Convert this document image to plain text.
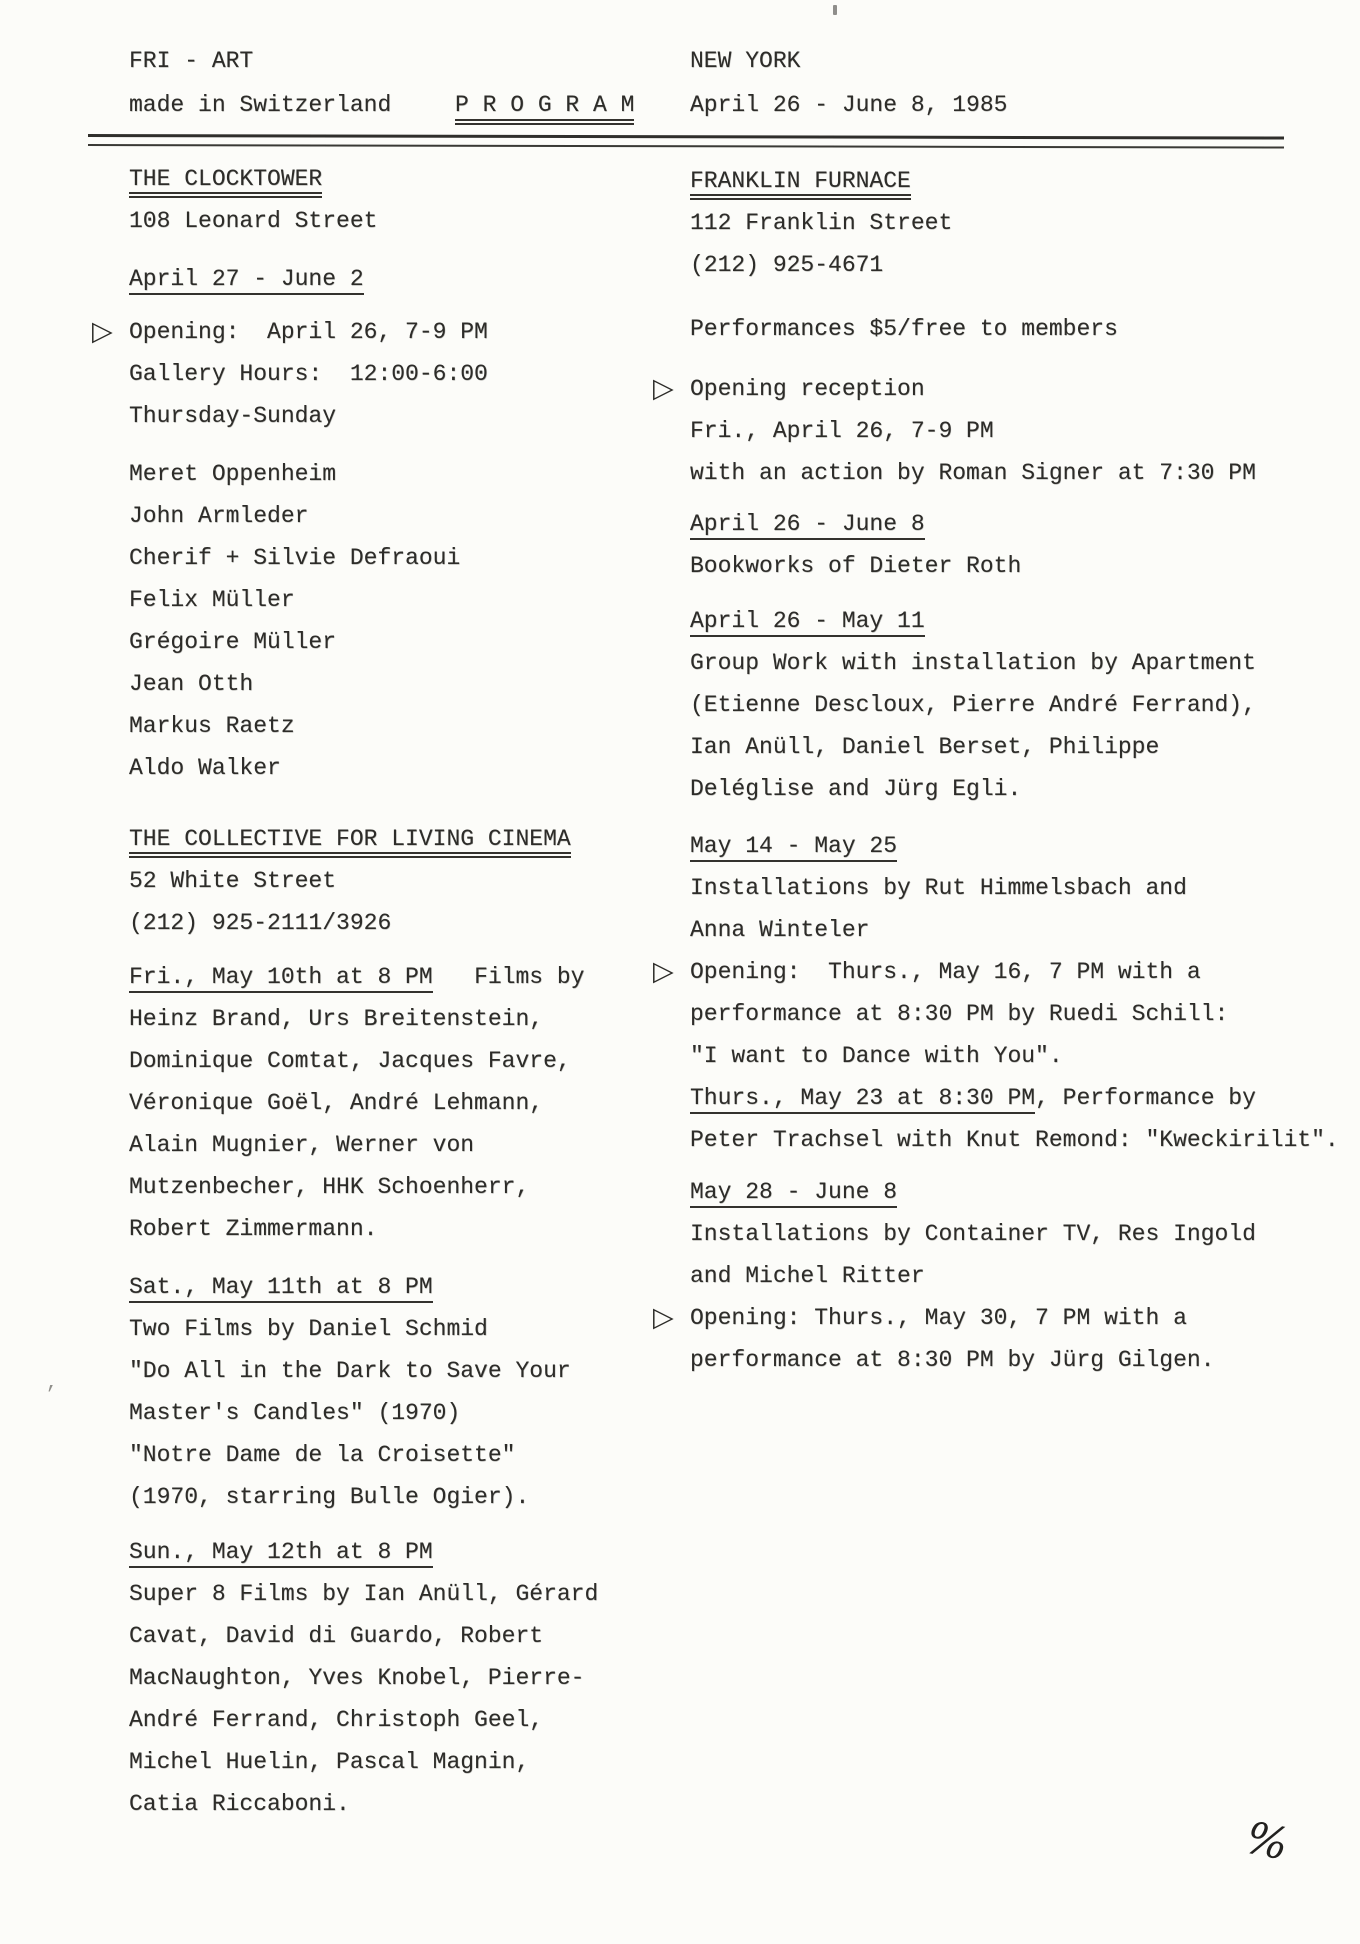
FRI - ART	NEW YORK
made in Switzerland	P R O G R A M April 26 - June 8, 1985
THE CLOCKTOWER
108 Leonard Street
April 27 - June 2
▷ Opening:  April 26, 7-9 PM
Gallery Hours:  12:00-6:00
Thursday-Sunday
Meret Oppenheim
John Armleder
Cherif + Silvie Defraoui
Felix Müller
Grégoire Müller
Jean Otth
Markus Raetz
Aldo Walker
THE COLLECTIVE FOR LIVING CINEMA
52 White Street
(212) 925-2111/3926
Fri., May 10th at 8 PM   Films by
Heinz Brand, Urs Breitenstein,
Dominique Comtat, Jacques Favre,
Véronique Goël, André Lehmann,
Alain Mugnier, Werner von
Mutzenbecher, HHK Schoenherr,
Robert Zimmermann.
Sat., May 11th at 8 PM
Two Films by Daniel Schmid
"Do All in the Dark to Save Your
Master's Candles" (1970)
"Notre Dame de la Croisette"
(1970, starring Bulle Ogier).
Sun., May 12th at 8 PM
Super 8 Films by Ian Anüll, Gérard
Cavat, David di Guardo, Robert
MacNaughton, Yves Knobel, Pierre-
André Ferrand, Christoph Geel,
Michel Huelin, Pascal Magnin,
Catia Riccaboni.
FRANKLIN FURNACE
112 Franklin Street
(212) 925-4671
Performances $5/free to members
▷ Opening reception
Fri., April 26, 7-9 PM
with an action by Roman Signer at 7:30 PM
April 26 - June 8
Bookworks of Dieter Roth
April 26 - May 11
Group Work with installation by Apartment
(Etienne Descloux, Pierre André Ferrand),
Ian Anüll, Daniel Berset, Philippe
Deléglise and Jürg Egli.
May 14 - May 25
Installations by Rut Himmelsbach and
Anna Winteler
▷ Opening:  Thurs., May 16, 7 PM with a
performance at 8:30 PM by Ruedi Schill:
"I want to Dance with You".
Thurs., May 23 at 8:30 PM, Performance by
Peter Trachsel with Knut Remond: "Kweckirilit".
May 28 - June 8
Installations by Container TV, Res Ingold
and Michel Ritter
▷ Opening: Thurs., May 30, 7 PM with a
performance at 8:30 PM by Jürg Gilgen.
%
,
